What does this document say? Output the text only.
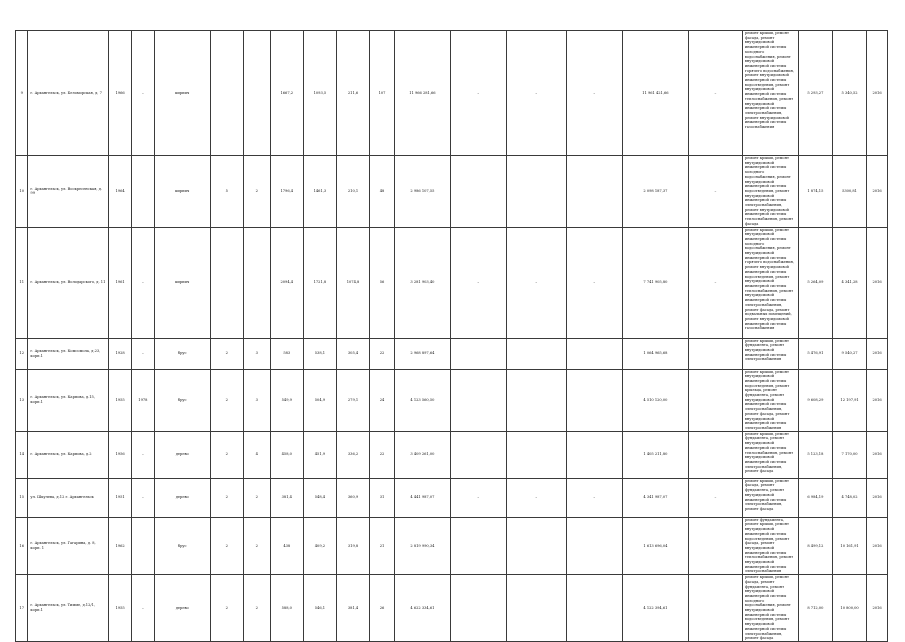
9	г. Архангельск, ул. Беломорская, д. 7	1966	–	кирпич			1667,2	1093,5	211,6	107	11 966 281,66	–	–	–	11 961 421,66	–	ремонт крыши, ремонт фасада, ремонт внутридомовой инженерной системы холодного водоснабжения, ремонт внутридомовой инженерной системы горячего водоснабжения, ремонт внутридомовой инженерной системы водоотведения, ремонт внутридомовой инженерной системы теплоснабжения, ремонт внутридомовой инженерной системы электроснабжения, ремонт внутридомовой инженерной системы газоснабжения	5 293,27	5 340,52	2016
10	г. Архангельск, ул. Воскресенская, д. 99	1964		кирпич	5	2	1796,4	1461,3	210,1	48	2 986 107,55				2 098 187,37	–	ремонт крыши, ремонт внутридомовой инженерной системы холодного водоснабжения, ремонт внутридомовой инженерной системы водоотведения, ремонт внутридомовой инженерной системы электроснабжения, ремонт внутридомовой инженерной системы теплоснабжения, ремонт фасада	1 874,15	5300,81	2016
11	г. Архангельск, ул. Володарского, д. 11	1961	–	кирпич			2094,4	1721,8	1074,8	56	3 281 903,40	–	–	–	7 741 905,80	–	ремонт крыши, ремонт внутридомовой инженерной системы холодного водоснабжения, ремонт внутридомовой инженерной системы горячего водоснабжения, ремонт внутридомовой инженерной системы водоотведения, ремонт внутридомовой инженерной системы теплоснабжения, ремонт внутридомовой инженерной системы электроснабжения, ремонт фасада, ремонт подвальных помещений, ремонт внутридомовой инженерной системы газоснабжения	5 264,09	4 341,28	2016
12	г. Архангельск, ул. Комсомола, д.23, корп.1	1928	–	брус	2	3	583	538,1	305,4	22	2 968 897,64				1 064 965,68		ремонт крыши, ремонт фундамента, ремонт внутридомовой инженерной системы электроснабжения	5 476,91	9 540,27	2016
13	г. Архангельск, ул. Карпова, д.15, корп.1	1955	1978	брус	2	3	549,9	504,9	279,1	24	4 123 560,50				4 510 120,00		ремонт крыши, ремонт внутридомовой инженерной системы водоотведения, ремонт крыльца, ремонт фундамента, ремонт внутридомовой инженерной системы электроснабжения, ремонт фасада, ремонт внутридомовой инженерной системы электроснабжения	9 608,29	12 197,91	2016
14	г. Архангельск, ул. Карпова, д.2	1956	–	дерево	2	4	458,0	451,9	336,2	22	3 409 261,00				1 405 211,80		ремонт крыши, ремонт фундамента, ремонт внутридомовой инженерной системы теплоснабжения, ремонт внутридомовой инженерной системы электроснабжения, ремонт фасада	5 123,18	7 170,00	2016
15	ул. Шкулева, д.12 г. Архангельск	1951	–	дерево	2	2	381,4	548,4	360,9	31	4 441 987,07	–	–	–	4 341 987,07	–	ремонт крыши, ремонт фасада, ремонт фундамента, ремонт внутридомовой инженерной системы электроснабжения, ремонт фасада	6 984,19	4 748,02	2016
16	г. Архангельск, ул. Гагарина, д. 8, корп. 1	1962		брус	2	2	438	409,2	319,8	21	2 819 990,34				1 613 696,04		ремонт фундамента, ремонт крыши, ремонт внутридомовой инженерной системы водоотведения, ремонт фасада, ремонт внутридомовой инженерной системы теплоснабжения, ремонт внутридомовой инженерной системы электроснабжения	8 499,12	10 161,91	2016
17	г. Архангельск, ул. Тимме, д.12/1, корп.1	1955	–	дерево	2	2	588,0	546,1	381,4	26	4 622 334,61				4 122 394,61		ремонт крыши, ремонт фасада, ремонт фундамента, ремонт внутридомовой инженерной системы холодного водоснабжения, ремонт внутридомовой инженерной системы водоотведения, ремонт внутридомовой инженерной системы электроснабжения, ремонт фасада	8 712,00	10 800,00	2016
